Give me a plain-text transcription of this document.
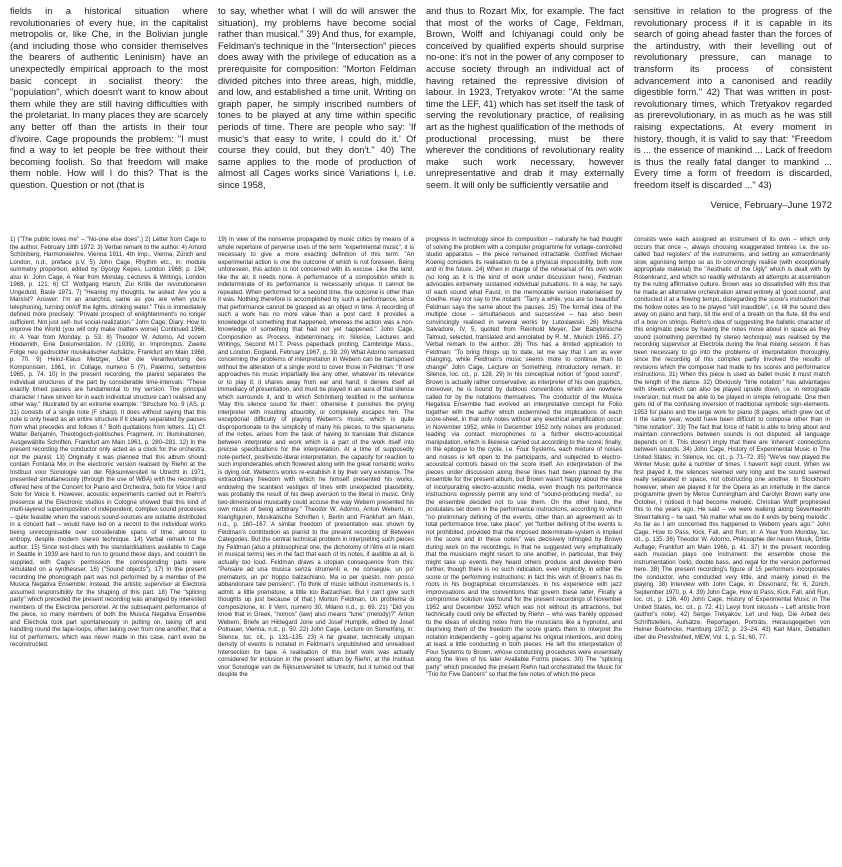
fields in a historical situation where revolutionaries of every hue, in the capitalist metropolis or, like Che, in the Bolivian jungle (and including those who consider themselves the bearers of authentic Leninism) have an unexpectedly empirical approach to the most basic concept in socialist theory: the "population", which doesn't want to know about them while they are still having difficulties with the proletariat. In many places they are scarcely any better off than the artists in their tour d'ivoire. Cage propounds the problem: "I must find a way to let people be free without their becoming foolish. So that freedom will make them noble. How will I do this? That is the question. Question or not (that is

to say, whether what I will do will answer the situation), my problems have become social rather than musical." 39) And thus, for example, Feldman's technique in the "Intersection" pieces does away with the privilege of education as a prerequisite for composition: "Morton Feldman divided pitches into three areas, high, middle, and low, and established a time unit. Writing on graph paper, he simply inscribed numbers of tones to be played at any time within specific periods of time. There are people who say: 'If music's that easy to write, I could do it.' Of course they could, but they don't." 40) The same applies to the mode of production of almost all Cages works since Variations I, i.e. since 1958,

and thus to Rozart Mix, for example. The fact that most of the works of Cage, Feldman, Brown, Wolff and Ichiyanagi could only be conceived by qualified experts should surprise no-one: it's not in the power of any composer to accuse society through an individual act of having retained the repressive division of labour. In 1923, Tretyakov wrote: "At the same time the LEF, 41) which has set itself the task of serving the revolutionary practice, of realising art as the highest qualification of the methods of productional processing, must be there wherever the conditions of revolutionary reality make such work necessary, however unrepresentative and drab it may externally seem. It will only be sufficiently versatile and

sensitive in relation to the progress of the revolutionary process if it is capable in its search of going ahead faster than the forces of the artindustry, with their levelling out of revolutionary pressure, can manage to transform its process of consistent advancement into a canonised and readily digestible form." 42) That was written in post-revolutionary times, which Tretyakov regarded as prerevolutionary, in as much as he was still raising expectations. At every moment in history, though, it is valid to say that: "Freedom is ... the essence of mankind ... Lack of freedom is thus the really fatal danger to mankind ... Every time a form of freedom is discarded, freedom itself is discarded ..." 43)

Venice, February–June 1972

1) ("The public loves me" – "No-one else does".) 2) Letter from Cage to the author, February 18th 1972. 3) Verbal remark to the author. 4) Arnold Schönberg, Harmonielehre, Vienna 1911, 4th Imp., Vienna, Zürich and London, n.d., preface p.V. 5) John Cage, Rhythm etc., in: module summetry proportion, edited by Gyorgy Kepes, London 1966; p. 194; also in: John Cage, A Year from Monday, Lectures & Writings, London 1968, p. 121. 6) Cf. Wolfgang Harich, Zur Kritik der revolutionaren Ungeduld, Basle 1971. 7) "Hearing my thoughts, he asked: Are you a Marxist? Answer: I'm an anarchist, same as you are when you're telephoning, turning on/off the lights, drinking water." This is immediately defined more precisely: "Private prospect of enlightenment's no longer sufficient. Not just self- but social-realization." John Cage, Diary: How to improve the World (you will only make matters worse) Continued 1966, in: A Year from Monday, p. 53. 8) Theodor W. Adorno, Ad vocem Hindemith, Eine Dokumentation, IV (1939), in: Impromptus, Zweite Folge neu gedruckter musikalischer Aufsätze, Frankfurt am Main 1968, p. 70. 9) Heinz-Klaus Metzger, Über die Verantwortung des Komponisten, 1961, in: Collage, numero 5 (?), Palermo, settembre 1965, p. 74. 10) In the present recording, the pianist separates the individual structures of the part by considerable time-intervals: "These exactly timed pauses are fundamental to my version. The principal character I have striven for in each individual structure can't realised any other way." Illustrated by an extreme example: "Structure No. 9 (AS, p. 31) consists of a single note (F sharp). It does without saying that this note is only heard as an entire structure if it clearly separated by pauses from what precedes and follows it." Both quotations from letters. 11) Cf. Walter Benjamin, Theologisch-politisches Fragment, in: Illuminationen, Ausgewählte Schriften, Frankfurt am Main 1961, p. 280–281. 12) In the present recording the conductor only acted as a clock for the orchestra, not the pianist. 13) Originally it was planned that this album should contain Fontana Mix in the electronic version realised by Riehn at the Instituut voor Sonologie van der Rijksuniversiteit te Utrecht in 1971, presented simultaneously (through the use of WBA) with the recordings offered here of the Concert for Piano and Orchestra, Solo for Voice I and Solo for Voice II. However, acoustic experiments carried out in Riehn's presence at the Electronic studios in Cologne showed that this kind of multi-layered superimposition of independent, complex sound processes – quite feasible when the various sound-sources are suitable distributed in a concert hall – would have led on a record to the individual works being unrecognisable over considerable spans of time, almost to entropy, despite modern stereo technique. 14) Verbal remark to the author. 15) Since test-discs with the standardisations available to Cage in Seattle in 1939 are hard to run to ground these days, and couldn't be supplied, with Cage's permission the corresponding parts were simulated on a synthesiser. 16) ("Sound objects"). 17) In the present recording the phonograph part was not performed by a member of the Musica Negativa Ensemble; instead, the artistic supervisor at Electrola assumed responsibility for the shaping of this part. 18) The "splicing party" which preceded the present recording was arranged by interested members of the Electrola personnel. At the subsequent performance of the piece, so many members of both the Musica Negativa Ensemble and Electrola took part spontaneously in putting on, taking off and handling round the tape-loops, often taking over from one another, that a list of performers, which was never made in this case, can't even be reconstructed.

19) In view of the nonsense propagated by music critics by means of a whole repertoire of perverse uses of the term "experimental music", it is necessary to give a more exacting definition of this term: "An experimental action is one the outcome of which is not foreseen. Being unforeseen, this action is not concerned with its excuse. Like the land, like the air, it needs none. A performance of a composition which is indeterminate of its performance is necessarily unique. It cannot be repeated. When performed for a second time, the outcome is other than it was. Nothing therefore is accomplished by such a performance, since that performance cannot be grasped as an object in time. A recording of such a work has no more value than a post card; it provides a knowledge of something that happened, whereas the action was a non-knowledge of something that had not yet happened." John Cage, Composition as Process, Indeterminacy, in: Silence, Lectures and Writings, Second M.I.T. Press paperback printing, Cambridge Mass., and London, England, February 1967, p. 39. 20) What Adorno remarked concerning the problems of interpretation in Webern can be transposed without the alteration of a single word to cover those in Feldman: "If one approaches his music impartially like any other, whatever its relevance or to play it; it shares away from ear and hand; it denies itself all immediacy of presentation, and must be played in an aura of that silence which surrounds it, and to which Schönberg testified in the sentence 'May this silence sound for them'; otherwise it punishes the prying interpreter with insulting absurdity, or completely escapes him. The exceptional difficulty of playing Webern's music, which is quite disproportionate to the simplicity of many his pieces, to the sparseness of the notes, arises from the task of having to translate that distance between interpreter and work which is a part of the work itself into precise specifications for the interpretation. At a time of supposedly note-perfect, positivistic-literal interpretation, the capacity for reaction to such imponderables which flowered along with the great romantic works is dying out. Webern's works re-establish it by their very existence. The extraordinary freedom with which he himself presented his works, endowing the scantiest vestiges of lines with unexpected plausibility, was probably the result of his deep aversion to the literal in music. Only two-dimensional musicality could accuse the way Webern presented his own music of being arbitrary." Theodor W. Adorno, Anton Webern, in: Klangfiguren, Musikalische Schriften I, Berlin and Frankfurt am Main, n.d., p. 160–167. A similar freedom of presentation was shown by Feldman's contribution as pianist to the present recording of Between Categories. But the central technical problem in interpreting such pieces by Feldman (also a philosophical one, the dichotomy of l'être et le néant in musical terms) lies in the fact that each of its notes, if audible at all, is actually too loud. Feldman draws a utopian consequence from this: "Pensare ad una musica senza strumenti e, ne consegue, un po' prematuro, un po' troppo balzachiano. Ma io per questo, non posso abbandonare tale pensiero". (To think of music without instruments is, I admit, a little premature, a little too Balzachian. But I can't give such thoughts up just because of that.) Morton Feldman, Un problema di composizione, in: Il Verri, numero 30, Milano n.d., p. 69. 21) "Did you know that in Greek, "nomos" (law) also means "tune" (melody)?" Anton Webern, Briefe an Hildegard Jone und Josef Humplik, edited by Josef Polnauer, Vienna, n.d., p. 50. 22) John Cage, Lecture on Something, in: Silence, loc. cit., p. 131–135. 23) A far greater, technically utopian density of events is notated in Feldman's unpublished and unrealised Intersection for tape. A realisation of this brief work was actually considered for inclusion in the present album by Riehn, at the Instituut voor Sonologie van de Rijksuniversiteit te Utrecht, but it turned out that despite the

progress in technology since its composition – naturally he had thought of solving the problem with a computer programme for voltage-controlled studio apparatus – the piece remained intractable. Gottfried Michael Koenig considers its realisation to be a physical impossibility, both now and in the future. 24) When in charge of the rehearsal of his own work (so long as it is the kind of work under discussion here), Feldman advocates extremely sustained individual pulsations. In a way, he says of each sound what Faust, in the memorable version materialised by Goethe, may not say to the instant: "Tarry a while, you are so beautiful". Feldman says the same about the pauses. 25) The formal idea of the multiple close – simultaneous and successive – has also been convincingly realised in several works by Lutoslawski. 26) Mischa Salvadore, IV, 5, quoted from Reinhold Meyer, Der Babylonische Talmud, selected, translated and annotated by R. M., Munich 1965. 27) Verbal remark to the author. 28) This has a limited application to Feldman: "To bring things up to date, let me say that I am as ever changing, while Feldman's music seems more to continue than to change" John Cage, Lecture on Something, introductory remark, in: Silence, loc. cit., p. 128. 29) In his conceptual notion of "good sound", Brown is actually rather conservative; as interpreter of his own graphics, moreover, he is bound by dubious conventions which are nowhere called for by the notations themselves. The conductor of the Musica Negativa Ensemble had evolved an interpretative concept for Folio together with the author which undermined the implications of each score-sheet, in that only notes without any electrical amplification occur in November 1952, while in December 1952 only noises are produced, leading via contact microphones to a further electro-acoustical manipulation, which is likewise carried out according to the score; finally, in the epilogue to the cycle, i.e. Four Systems, each mixture of noises and noises is left open to the participants, and subjected to electro-acoustical controls based on the score itself. An interpretation of the pieces under discussion along these lines had been planned by the ensemble for the present album, but Brown wasn't happy about the idea of incorporating electro-acoustic media, even though his performance instructions expressly permit any kind of "sound-producing media", so the ensemble decided not to use them. On the other hand, the postulates set down in the performance instructions, according to which "no preliminary defining of the events, other than an agreement as to total performance time, take place", yet "further defining of the events is not prohibited, provided that the imposed determinate-system is implied in the score and in these notes" was decisively infringed by Brown during work on the recordings, in that he suggested very emphatically that the musicians might resort to one another, in particular, that they might take up events they heard others produce and develop them further, though there is no such indication, even implicitly, in either the score or the performing instructions: in fact this wish of Brown's has its roots in his biographical circumstances, in his experience with jazz improvisations and the conventions that govern these latter. Finally a compromise solution was found for the present recordings of November 1952 and December 1952 which was not without its attractions, but technically could only be effected by Riehn – who was frankly opposed to the ideas of eliciting notes from the musicians like a hypnotist, and depriving them of the freedom the score grants them to interpret the notation independently – going against his original intentions, and doing at least a little conducting in both pieces. He left the interpretation of Four Systems to Brown, whose conducting procedures were essentially along the lines of his later Available Forms pieces. 30) The "splicing party" which preceded the present Riehn had orchestrated the Music for "Trio for Five Dancers" so that the few notes of which the piece

consists were each assigned an instrument of its own – which only occurs that once –, always choosing exaggerated timbres i.e. the so-called 'bad registers' of the instruments, and setting an extraordinarily slow, agonising tempo so as to convincingly realise (with exceptionally appropriate material) the "Aesthetic of the Ugly" which is dealt with by Rosenkranz, and which so readily withstands all attempts at assimilation by the ruling affirmative culture. Brown was so dissatisfied with this that he made an alternative orchestration aimed entirely at 'good sound', and conducted it at a flowing tempo, disregarding the score's instruction that the hollow notes are to be played "still inaudible", i.e. till the sound dies away on piano and harp, till the end of a breath on the flute, till the end of a bow on strings. Riehn's idea of suggesting the balletic character of this enigmatic piece by having the notes move about in space as they sound (something permitted by stereo technique) was realised by the recording supervisor at Electrola during the final mixing session. It has been necessary to go into the problems of interpretation thoroughly, since the recording of this complex partly involved the results of revisions which the composer had made to his scores and performance instructions. 31) When this piece is used as ballet music it must match the length of the dance. 32) Obviously "time notation" has advantages with sheets which can also be played upside down, i.e. in retrograde inversion; but must be able to be played in simple retrograde. One then gets rid of the confusing inversion of traditional symbolic sign-elements. 1953 for piano and the large work for piano (8 pages, which grew out of it the same year, would have been difficult to compose other than in "time notation". 33) The fact that force of habit is able to bring about and maintain connections between sounds is not disputed; all language depends on it. This doesn't imply that there are 'inherent' connections between sounds. 34) John Cage, History of Experimental Music in The United States; in: Silence, loc. cit., p. 71–72. 35) "We've now played the Winter Music quite a number of times. I haven't kept count. When we first played it, the silences seemed very long and the sound seemed really separated in space, not obstructing one another. In Stockholm however, when we played it for the Opera as an interlude in the dance programme given by Merce Cunningham and Carolyn Brown early one October, I noticed it had become melodic. Christian Wolff prophesied this to me years ago. He said – we were walking along Seventeenth Street talking – he said, 'No matter what we do it ends by being melodic'. As far as I am concerned this happened to Webern years ago." John Cage, How to Pass, Kick, Fall, and Run, in: A Year from Monday, loc. cit., p. 135. 36) Theodor W. Adorno, Philosophie der neuen Musik, Dritte Auflage, Frankfurt am Main 1966, p. 41. 37) In the present recording each musician plays one instrument: the ensemble chose the instrumentation 'cello, double bass, and regal for the version performed here. 38) The present recording's figure of 15 performers incorporates the conductor, who conducted very little, and mainly joined in the playing. 38) Interview with John Cage, in: Dissonanz, Nr. 6, Zürich, September 1970, p. 4. 39) John Cage, How to Pass, Kick, Fall, and Run, loc. cit., p. 136. 40) John Cage, History of Experimental Music in The United States, loc. cit., p. 72. 41) Levyi front iskusstv – Left artistic front (author's note). 42) Sergei Tretyakov, Lef und Nep, Die Arbeit des Schriftstellers, Aufsätze, Reportagen, Porträts, Herausgegeben von Heiner Boehncke, Hamburg 1972, p. 23–24. 43) Karl Marx, Debatten über die Pressfreiheit, MEW, Vol. 1, p. 51, 60, 77.
